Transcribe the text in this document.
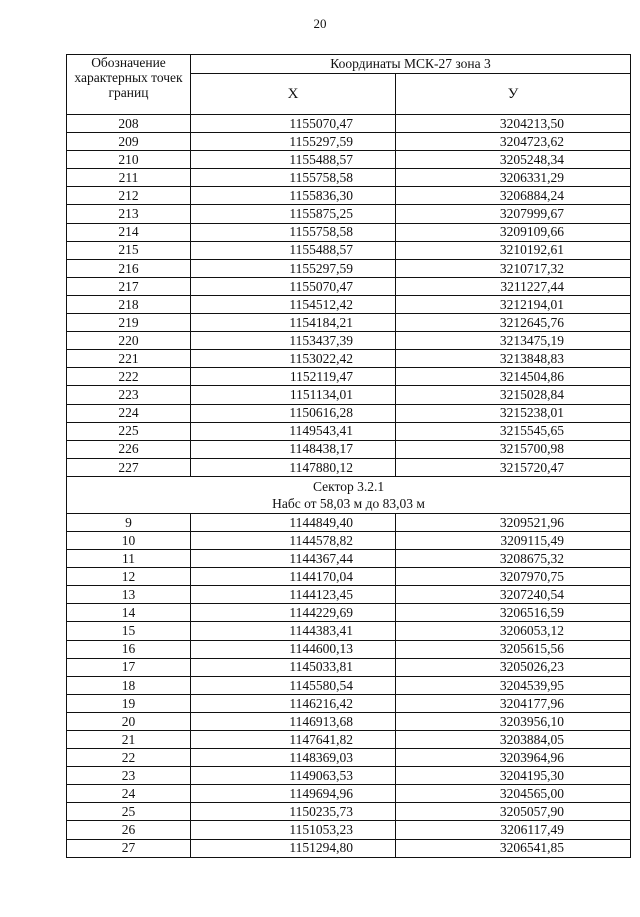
20
Обозначение характерных точек границ	Координаты МСК-27 зона 3	
	X	У
208	1155070,47	3204213,50
209	1155297,59	3204723,62
210	1155488,57	3205248,34
211	1155758,58	3206331,29
212	1155836,30	3206884,24
213	1155875,25	3207999,67
214	1155758,58	3209109,66
215	1155488,57	3210192,61
216	1155297,59	3210717,32
217	1155070,47	3211227,44
218	1154512,42	3212194,01
219	1154184,21	3212645,76
220	1153437,39	3213475,19
221	1153022,42	3213848,83
222	1152119,47	3214504,86
223	1151134,01	3215028,84
224	1150616,28	3215238,01
225	1149543,41	3215545,65
226	1148438,17	3215700,98
227	1147880,12	3215720,47

Сектор 3.2.1
Набс от 58,03 м до 83,03 м		

9	1144849,40	3209521,96
10	1144578,82	3209115,49
11	1144367,44	3208675,32
12	1144170,04	3207970,75
13	1144123,45	3207240,54
14	1144229,69	3206516,59
15	1144383,41	3206053,12
16	1144600,13	3205615,56
17	1145033,81	3205026,23
18	1145580,54	3204539,95
19	1146216,42	3204177,96
20	1146913,68	3203956,10
21	1147641,82	3203884,05
22	1148369,03	3203964,96
23	1149063,53	3204195,30
24	1149694,96	3204565,00
25	1150235,73	3205057,90
26	1151053,23	3206117,49
27	1151294,80	3206541,85
